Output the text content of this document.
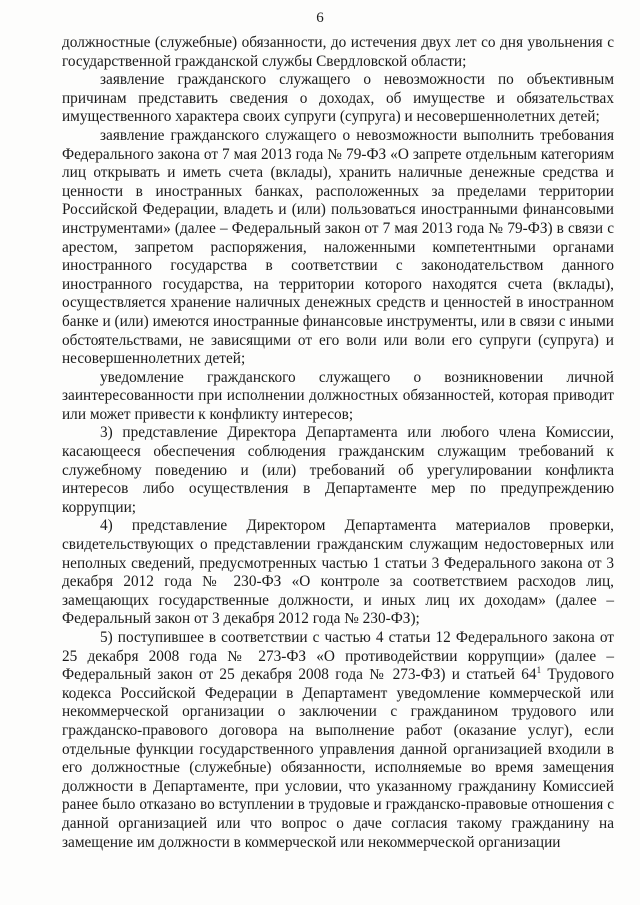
6

должностные (служебные) обязанности, до истечения двух лет со дня увольнения с государственной гражданской службы Свердловской области;

заявление гражданского служащего о невозможности по объективным причинам представить сведения о доходах, об имуществе и обязательствах имущественного характера своих супруги (супруга) и несовершеннолетних детей;

заявление гражданского служащего о невозможности выполнить требования Федерального закона от 7 мая 2013 года № 79-ФЗ «О запрете отдельным категориям лиц открывать и иметь счета (вклады), хранить наличные денежные средства и ценности в иностранных банках, расположенных за пределами территории Российской Федерации, владеть и (или) пользоваться иностранными финансовыми инструментами» (далее – Федеральный закон от 7 мая 2013 года № 79-ФЗ) в связи с арестом, запретом распоряжения, наложенными компетентными органами иностранного государства в соответствии с законодательством данного иностранного государства, на территории которого находятся счета (вклады), осуществляется хранение наличных денежных средств и ценностей в иностранном банке и (или) имеются иностранные финансовые инструменты, или в связи с иными обстоятельствами, не зависящими от его воли или воли его супруги (супруга) и несовершеннолетних детей;

уведомление гражданского служащего о возникновении личной заинтересованности при исполнении должностных обязанностей, которая приводит или может привести к конфликту интересов;

3) представление Директора Департамента или любого члена Комиссии, касающееся обеспечения соблюдения гражданским служащим требований к служебному поведению и (или) требований об урегулировании конфликта интересов либо осуществления в Департаменте мер по предупреждению коррупции;

4) представление Директором Департамента материалов проверки, свидетельствующих о представлении гражданским служащим недостоверных или неполных сведений, предусмотренных частью 1 статьи 3 Федерального закона от 3 декабря 2012 года № 230-ФЗ «О контроле за соответствием расходов лиц, замещающих государственные должности, и иных лиц их доходам» (далее – Федеральный закон от 3 декабря 2012 года № 230-ФЗ);

5) поступившее в соответствии с частью 4 статьи 12 Федерального закона от 25 декабря 2008 года № 273-ФЗ «О противодействии коррупции» (далее – Федеральный закон от 25 декабря 2008 года № 273-ФЗ) и статьей $64^1$ Трудового кодекса Российской Федерации в Департамент уведомление коммерческой или некоммерческой организации о заключении с гражданином трудового или гражданско-правового договора на выполнение работ (оказание услуг), если отдельные функции государственного управления данной организацией входили в его должностные (служебные) обязанности, исполняемые во время замещения должности в Департаменте, при условии, что указанному гражданину Комиссией ранее было отказано во вступлении в трудовые и гражданско-правовые отношения с данной организацией или что вопрос о даче согласия такому гражданину на замещение им должности в коммерческой или некоммерческой организации
